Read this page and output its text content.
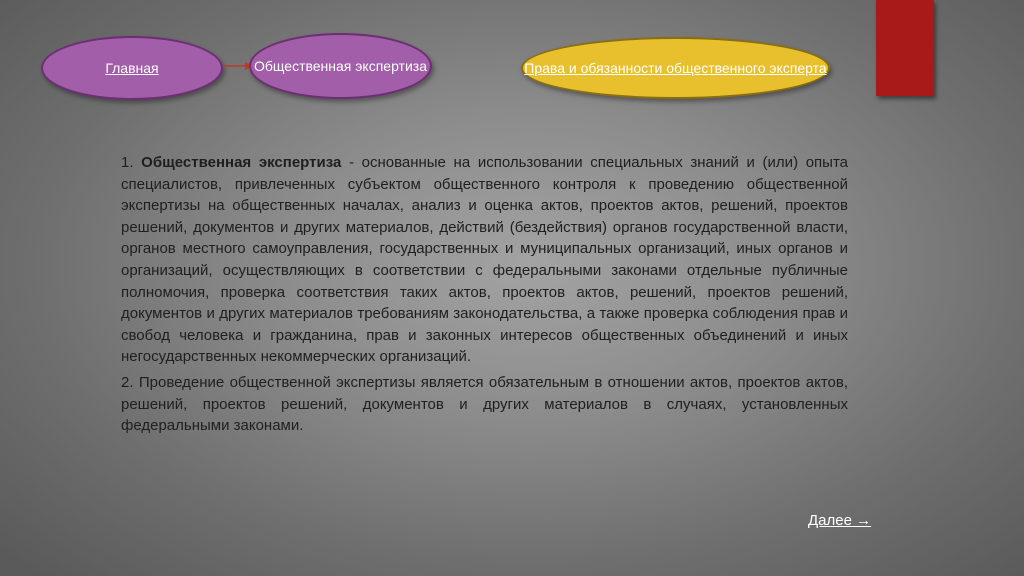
Главная	Общественная экспертиза	Права и обязанности общественного эксперта

1. Общественная экспертиза - основанные на использовании специальных знаний и (или) опыта специалистов, привлеченных субъектом общественного контроля к проведению общественной экспертизы на общественных началах, анализ и оценка актов, проектов актов, решений, проектов решений, документов и других материалов, действий (бездействия) органов государственной власти, органов местного самоуправления, государственных и муниципальных организаций, иных органов и организаций, осуществляющих в соответствии с федеральными законами отдельные публичные полномочия, проверка соответствия таких актов, проектов актов, решений, проектов решений, документов и других материалов требованиям законодательства, а также проверка соблюдения прав и свобод человека и гражданина, прав и законных интересов общественных объединений и иных негосударственных некоммерческих организаций.

2. Проведение общественной экспертизы является обязательным в отношении актов, проектов актов, решений, проектов решений, документов и других материалов в случаях, установленных федеральными законами.

Далее →
